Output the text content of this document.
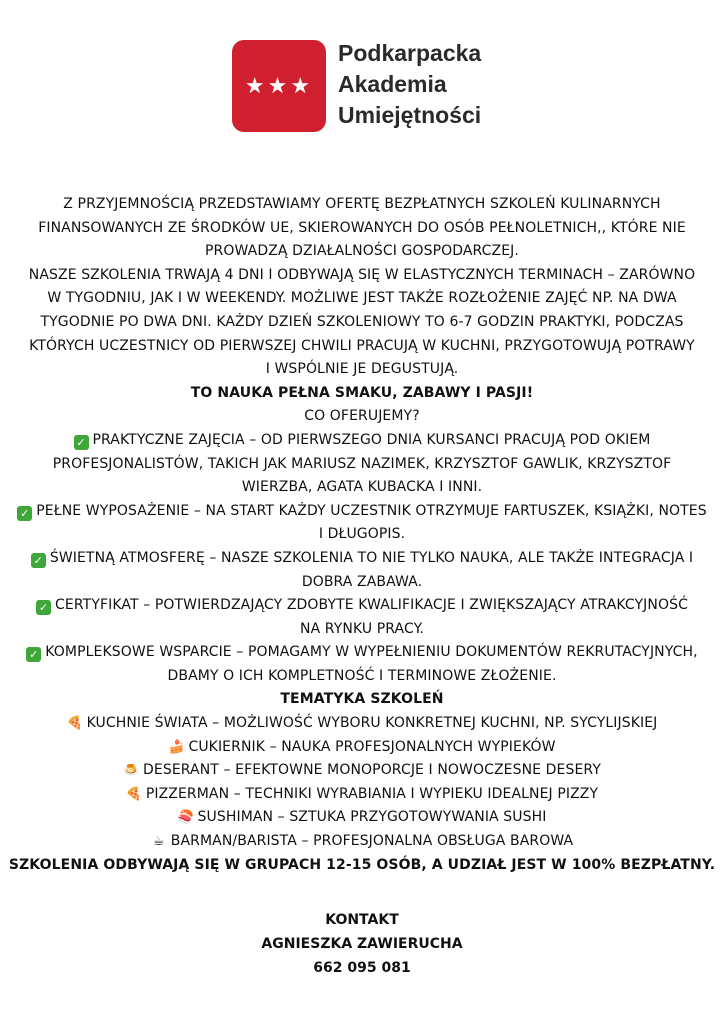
★★★
Podkarpacka
Akademia
Umiejętności

Z PRZYJEMNOŚCIĄ PRZEDSTAWIAMY OFERTĘ BEZPŁATNYCH SZKOLEŃ KULINARNYCH

FINANSOWANYCH ZE ŚRODKÓW UE, SKIEROWANYCH DO OSÓB PEŁNOLETNICH,, KTÓRE NIE

PROWADZĄ DZIAŁALNOŚCI GOSPODARCZEJ.

NASZE SZKOLENIA TRWAJĄ 4 DNI I ODBYWAJĄ SIĘ W ELASTYCZNYCH TERMINACH – ZARÓWNO

W TYGODNIU, JAK I W WEEKENDY. MOŻLIWE JEST TAKŻE ROZŁOŻENIE ZAJĘĆ NP. NA DWA

TYGODNIE PO DWA DNI. KAŻDY DZIEŃ SZKOLENIOWY TO 6-7 GODZIN PRAKTYKI, PODCZAS

KTÓRYCH UCZESTNICY OD PIERWSZEJ CHWILI PRACUJĄ W KUCHNI, PRZYGOTOWUJĄ POTRAWY

I WSPÓLNIE JE DEGUSTUJĄ.

TO NAUKA PEŁNA SMAKU, ZABAWY I PASJI!

CO OFERUJEMY?

✓ PRAKTYCZNE ZAJĘCIA – OD PIERWSZEGO DNIA KURSANCI PRACUJĄ POD OKIEM

PROFESJONALISTÓW, TAKICH JAK MARIUSZ NAZIMEK, KRZYSZTOF GAWLIK, KRZYSZTOF

WIERZBA, AGATA KUBACKA I INNI.

✓ PEŁNE WYPOSAŻENIE – NA START KAŻDY UCZESTNIK OTRZYMUJE FARTUSZEK, KSIĄŻKI, NOTES

I DŁUGOPIS.

✓ ŚWIETNĄ ATMOSFERĘ – NASZE SZKOLENIA TO NIE TYLKO NAUKA, ALE TAKŻE INTEGRACJA I

DOBRA ZABAWA.

✓ CERTYFIKAT – POTWIERDZAJĄCY ZDOBYTE KWALIFIKACJE I ZWIĘKSZAJĄCY ATRAKCYJNOŚĆ

NA RYNKU PRACY.

✓ KOMPLEKSOWE WSPARCIE – POMAGAMY W WYPEŁNIENIU DOKUMENTÓW REKRUTACYJNYCH,

DBAMY O ICH KOMPLETNOŚĆ I TERMINOWE ZŁOŻENIE.

TEMATYKA SZKOLEŃ

🍕 KUCHNIE ŚWIATA – MOŻLIWOŚĆ WYBORU KONKRETNEJ KUCHNI, NP. SYCYLIJSKIEJ

🍰 CUKIERNIK – NAUKA PROFESJONALNYCH WYPIEKÓW

🍮 DESERANT – EFEKTOWNE MONOPORCJE I NOWOCZESNE DESERY

🍕 PIZZERMAN – TECHNIKI WYRABIANIA I WYPIEKU IDEALNEJ PIZZY

🍣 SUSHIMAN – SZTUKA PRZYGOTOWYWANIA SUSHI

☕ BARMAN/BARISTA – PROFESJONALNA OBSŁUGA BAROWA

SZKOLENIA ODBYWAJĄ SIĘ W GRUPACH 12-15 OSÓB, A UDZIAŁ JEST W 100% BEZPŁATNY.

KONTAKT
AGNIESZKA ZAWIERUCHA
662 095 081
